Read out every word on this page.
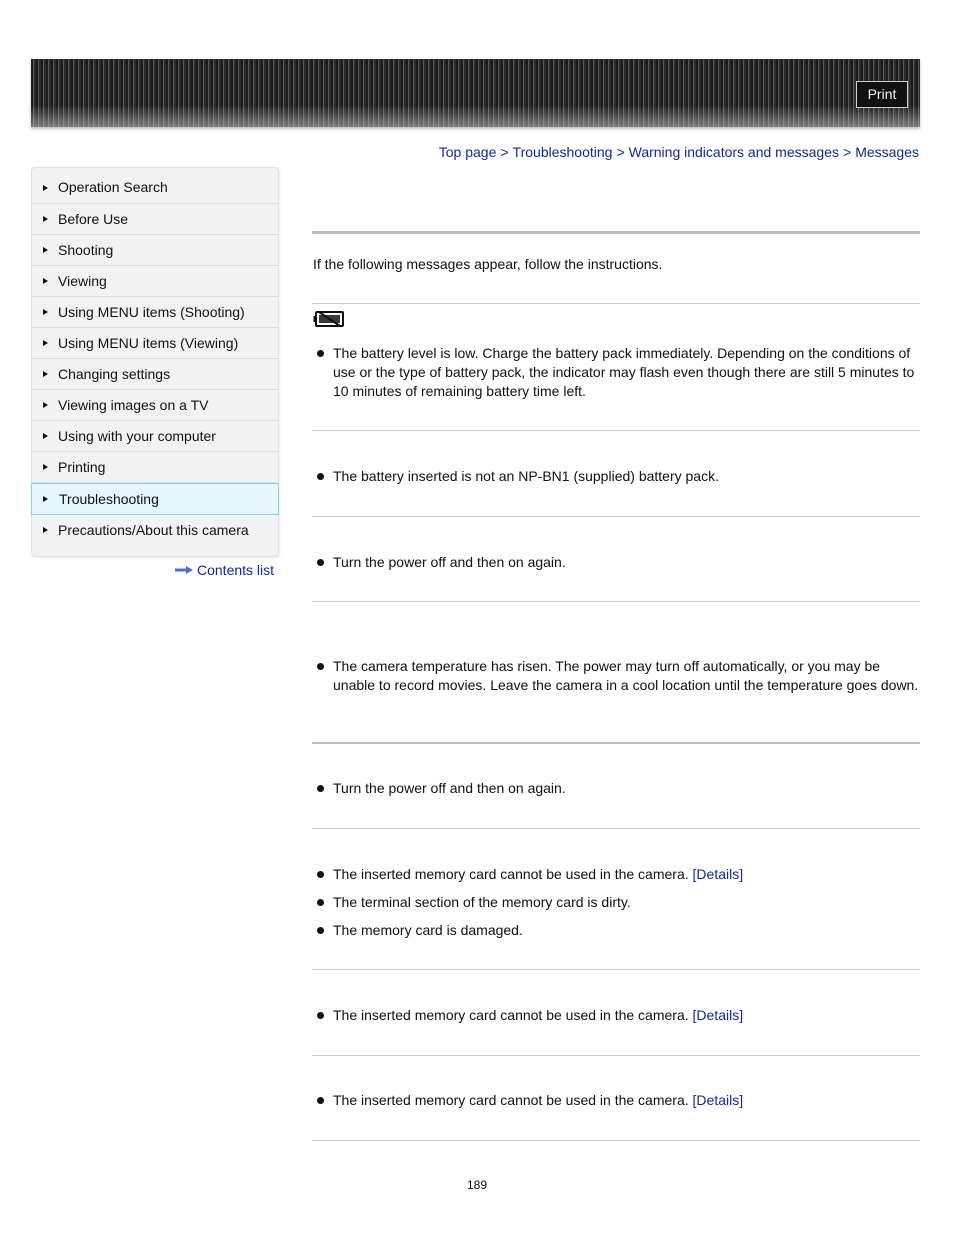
Print
Top page > Troubleshooting > Warning indicators and messages > Messages
Operation Search
Before Use
Shooting
Viewing
Using MENU items (Shooting)
Using MENU items (Viewing)
Changing settings
Viewing images on a TV
Using with your computer
Printing
Troubleshooting
Precautions/About this camera
Contents list
If the following messages appear, follow the instructions.
The battery level is low. Charge the battery pack immediately. Depending on the conditions of use or the type of battery pack, the indicator may flash even though there are still 5 minutes to 10 minutes of remaining battery time left.
The battery inserted is not an NP-BN1 (supplied) battery pack.
Turn the power off and then on again.
The camera temperature has risen. The power may turn off automatically, or you may be unable to record movies. Leave the camera in a cool location until the temperature goes down.
Turn the power off and then on again.
The inserted memory card cannot be used in the camera. [Details]
The terminal section of the memory card is dirty.
The memory card is damaged.
The inserted memory card cannot be used in the camera. [Details]
The inserted memory card cannot be used in the camera. [Details]
189
